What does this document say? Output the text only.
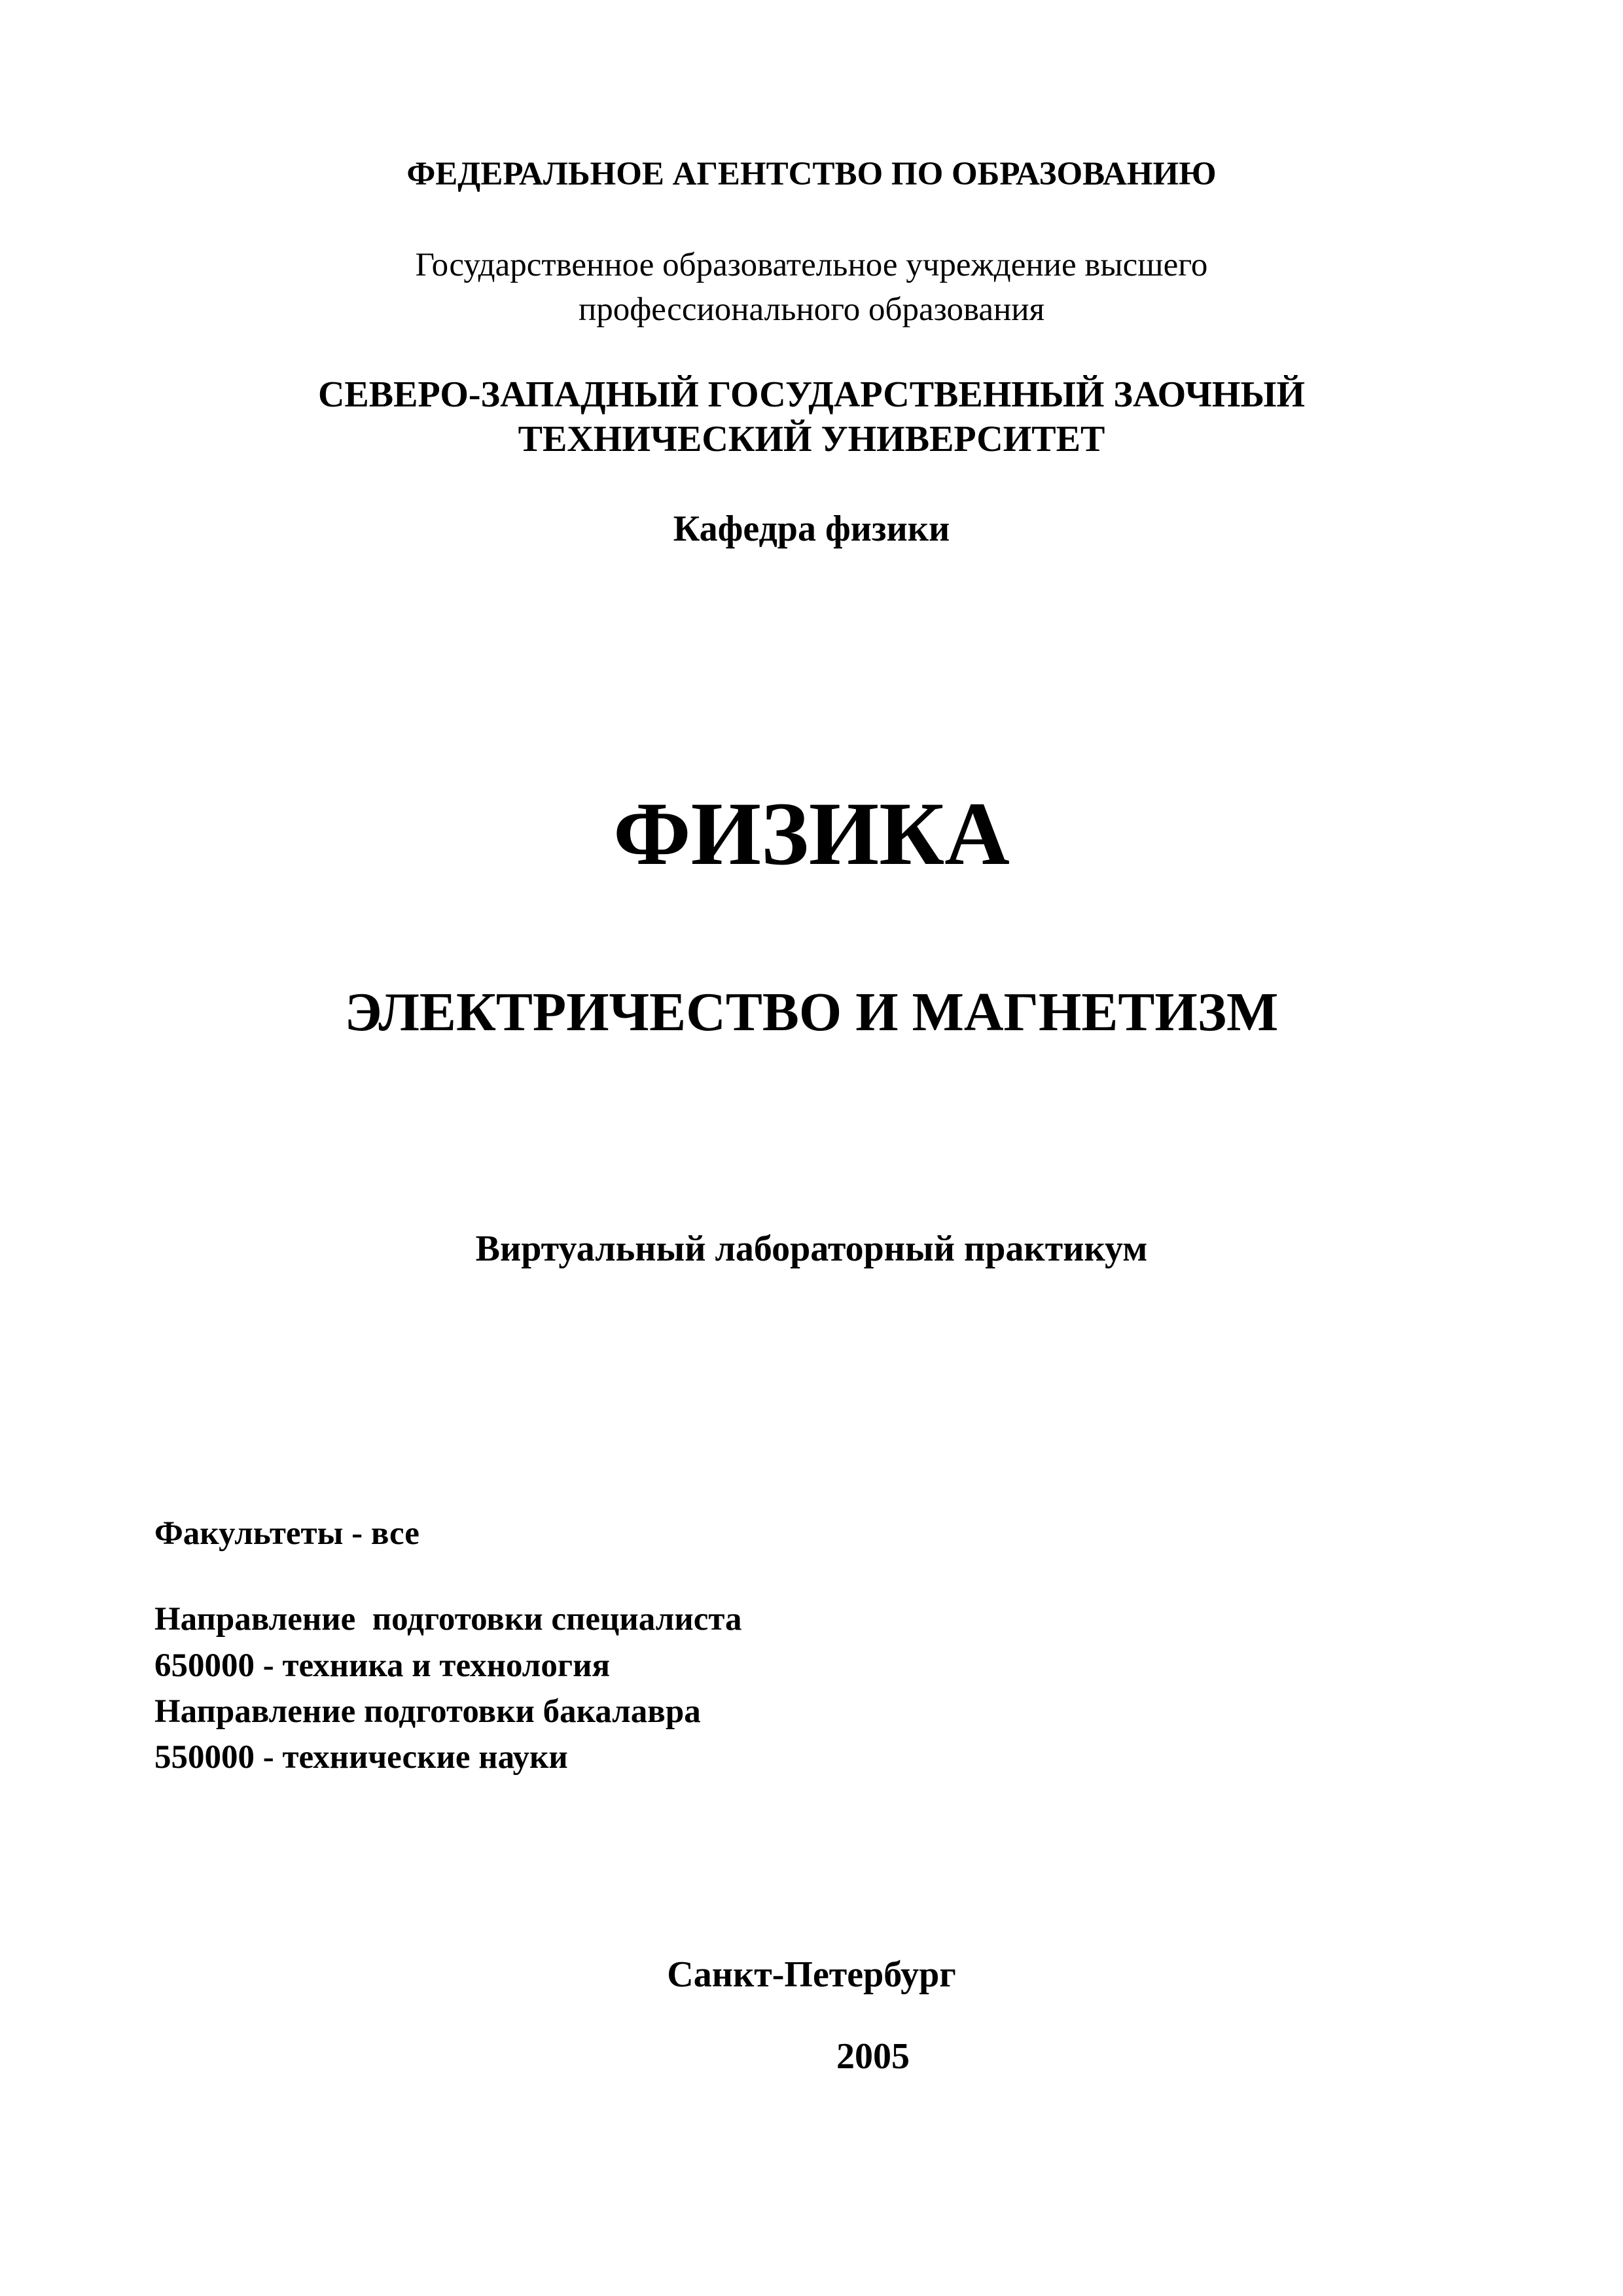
ФЕДЕРАЛЬНОЕ АГЕНТСТВО ПО ОБРАЗОВАНИЮ

Государственное образовательное учреждение высшего

профессионального образования

СЕВЕРО-ЗАПАДНЫЙ ГОСУДАРСТВЕННЫЙ ЗАОЧНЫЙ

ТЕХНИЧЕСКИЙ УНИВЕРСИТЕТ

Кафедра физики

ФИЗИКА
ЭЛЕКТРИЧЕСТВО И МАГНЕТИЗМ

Виртуальный лабораторный практикум

Факультеты - все

Направление  подготовки специалиста

650000 - техника и технология

Направление подготовки бакалавра

550000 - технические науки

Санкт-Петербург

2005
